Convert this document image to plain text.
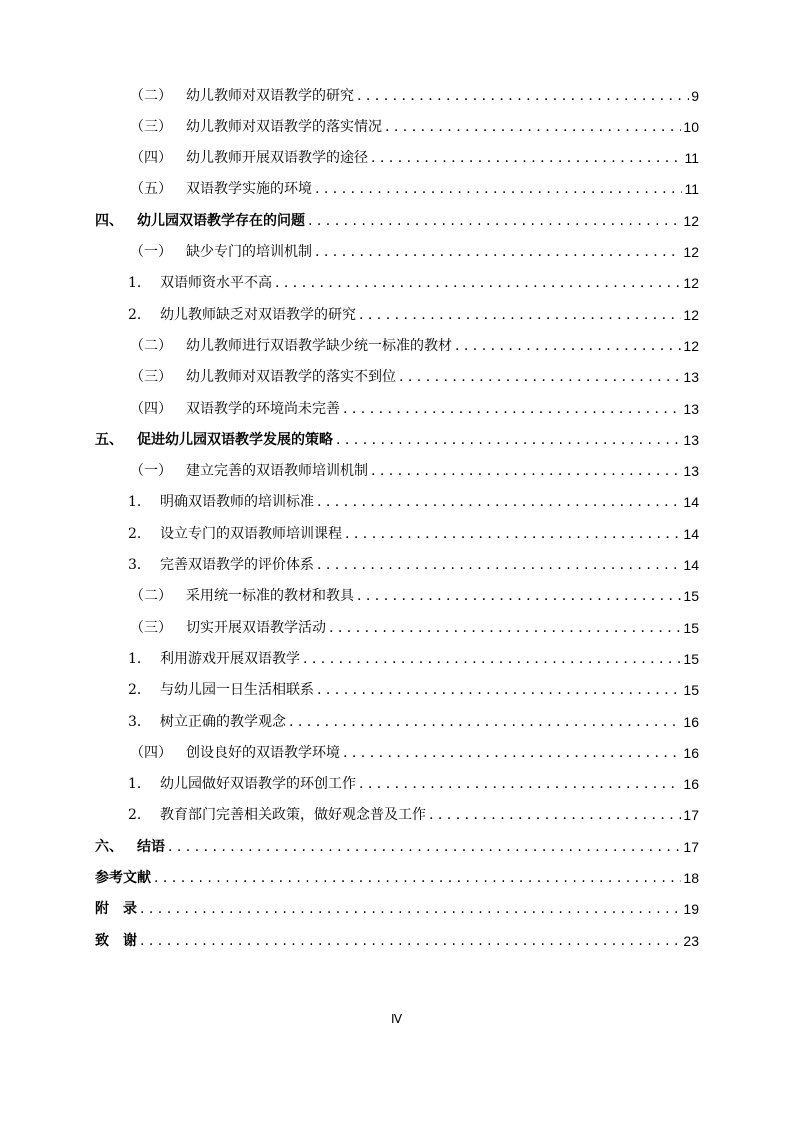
（二）	幼儿教师对双语教学的研究 . . .	9
（三）	幼儿教师对双语教学的落实情况 . . .	10
（四）	幼儿教师开展双语教学的途径 . . .	11
（五）	双语教学实施的环境 . . .	11
四、	幼儿园双语教学存在的问题 . . .	12
（一）	缺少专门的培训机制 . . .	12
1． 双语师资水平不高 . . .	12
2． 幼儿教师缺乏对双语教学的研究 . . .	12
（二）	幼儿教师进行双语教学缺少统一标准的教材 . . .	12
（三）	幼儿教师对双语教学的落实不到位 . . .	13
（四）	双语教学的环境尚未完善 . . .	13
五、	促进幼儿园双语教学发展的策略 . . .	13
（一）	建立完善的双语教师培训机制 . . .	13
1． 明确双语教师的培训标准 . . .	14
2． 设立专门的双语教师培训课程 . . .	14
3． 完善双语教学的评价体系 . . .	14
（二）	采用统一标准的教材和教具 . . .	15
（三）	切实开展双语教学活动 . . .	15
1． 利用游戏开展双语教学 . . .	15
2． 与幼儿园一日生活相联系 . . .	15
3． 树立正确的教学观念 . . .	16
（四）	创设良好的双语教学环境 . . .	16
1． 幼儿园做好双语教学的环创工作 . . .	16
2． 教育部门完善相关政策，做好观念普及工作 . . .	17
六、	结语 . . .	17
参考文献 . . .	18
附　录 . . .	19
致　谢 . . .	23
Ⅳ
